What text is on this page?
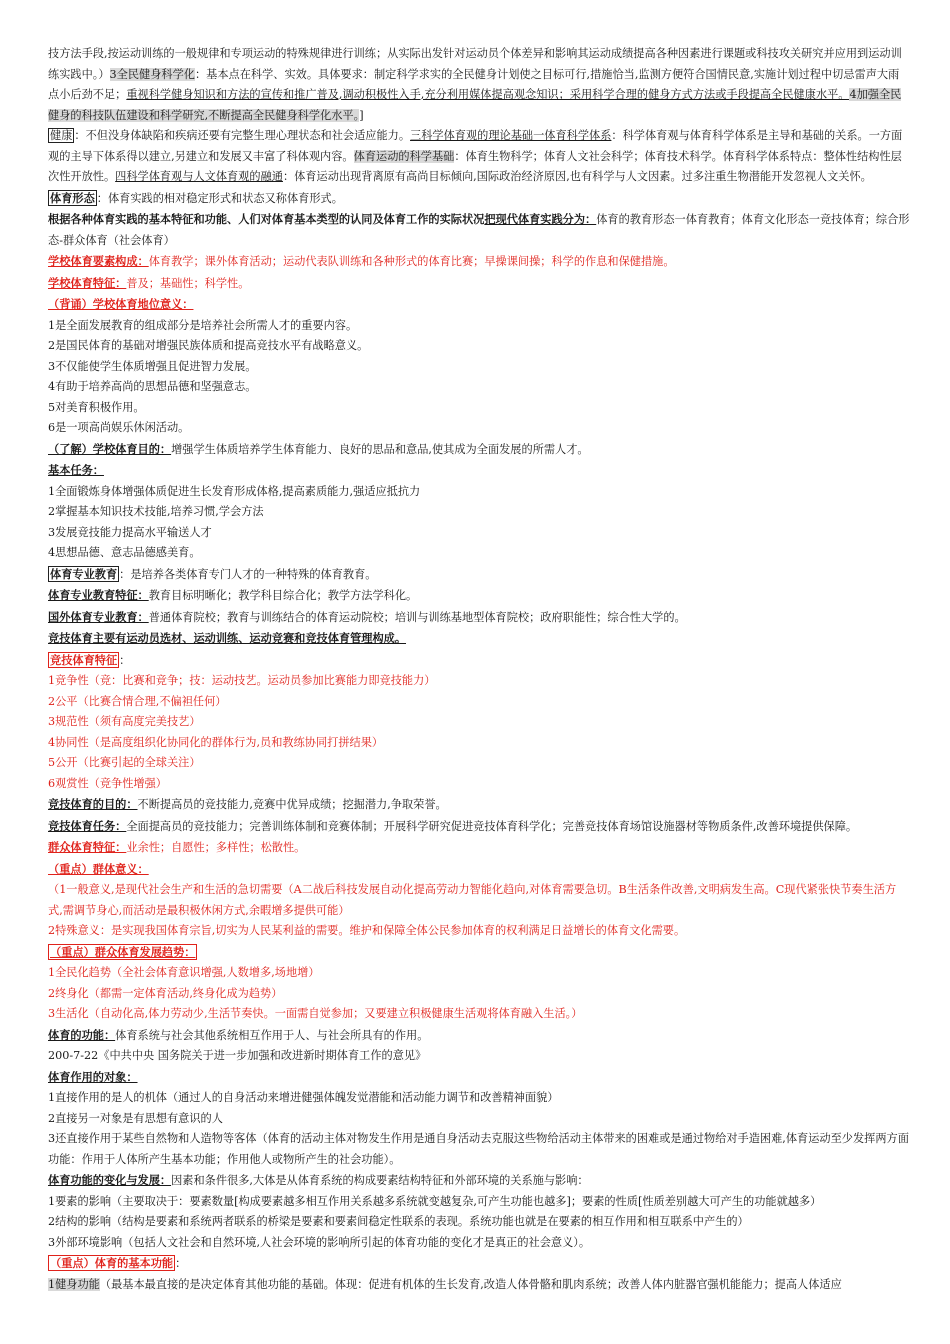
技方法手段,按运动训练的一般规律和专项运动的特殊规律进行训练；从实际出发针对运动员个体差异和影响其运动成绩提高各种因素进行课题或科技攻关研究并应用到运动训练实践中。）3全民健身科学化：基本点在科学、实效。具体要求：制定科学求实的全民健身计划使之目标可行,措施恰当,监测方便符合国情民意,实施计划过程中切忌雷声大雨点小后劲不足；重视科学健身知识和方法的宣传和推广普及,调动积极性入手,充分利用媒体提高观念知识；采用科学合理的健身方式方法或手段提高全民健康水平。4加强全民健身的科技队伍建设和科学研究,不断提高全民健身科学化水平。]

健康 ：不但没身体缺陷和疾病还要有完整生理心理状态和社会适应能力。三科学体育观的理论基础一体育科学体系：科学体育观与体育科学体系是主导和基础的关系。一方面观的主导下体系得以建立,另建立和发展又丰富了科体观内容。体育运动的科学基础：体育生物科学；体育人文社会科学；体育技术科学。体育科学体系特点：整体性结构性层次性开放性。四科学体育观与人文体育观的融通：体育运动出现背离原有高尚目标倾向,国际政治经济原因,也有科学与人文因素。过多注重生物潜能开发忽视人文关怀。

体育形态 ：体育实践的相对稳定形式和状态又称体育形式。

根据各种体育实践的基本特征和功能、人们对体育基本类型的认同及体育工作的实际状况把现代体育实践分为：体育的教育形态一体育教育；体育文化形态一竞技体育；综合形态-群众体育（社会体育）

学校体育要素构成：体育教学；课外体育活动；运动代表队训练和各种形式的体育比赛；早操课间操；科学的作息和保健措施。

学校体育特征：普及；基础性；科学性。

（背诵）学校体育地位意义：

1是全面发展教育的组成部分是培养社会所需人才的重要内容。

2是国民体育的基础对增强民族体质和提高竞技水平有战略意义。

3不仅能使学生体质增强且促进智力发展。

4有助于培养高尚的思想品德和坚强意志。

5对美育积极作用。

6是一项高尚娱乐休闲活动。

（了解）学校体育目的：增强学生体质培养学生体育能力、良好的思品和意品,使其成为全面发展的所需人才。

基本任务：

1全面锻炼身体增强体质促进生长发育形成体格,提高素质能力,强适应抵抗力

2掌握基本知识技术技能,培养习惯,学会方法

3发展竞技能力提高水平输送人才

4思想品德、意志品德感美育。

体育专业教育 ：是培养各类体育专门人才的一种特殊的体育教育。

体育专业教育特征：教育目标明晰化；教学科目综合化；教学方法学科化。

国外体育专业教育：普通体育院校；教育与训练结合的体育运动院校；培训与训练基地型体育院校；政府职能性；综合性大学的。

竞技体育主要有运动员选材、运动训练、运动竞赛和竞技体育管理构成。

竞技体育特征 ：

1竞争性（竞：比赛和竞争；技：运动技艺。运动员参加比赛能力即竞技能力）

2公平（比赛合情合理,不偏袒任何）

3规范性（须有高度完美技艺）

4协同性（是高度组织化协同化的群体行为,员和教练协同打拼结果）

5公开（比赛引起的全球关注）

6观赏性（竞争性增强）

竞技体育的目的：不断提高员的竞技能力,竞赛中优异成绩；挖掘潜力,争取荣誉。

竞技体育任务：全面提高员的竞技能力；完善训练体制和竞赛体制；开展科学研究促进竞技体育科学化；完善竞技体育场馆设施器材等物质条件,改善环境提供保障。

群众体育特征：业余性；自愿性；多样性；松散性。

（重点）群体意义：

（1一般意义,是现代社会生产和生活的急切需要（A二战后科技发展自动化提高劳动力智能化趋向,对体育需要急切。B生活条件改善,文明病发生高。C现代紧张快节奏生活方式,需调节身心,而活动是最积极休闲方式,余暇增多提供可能）

2特殊意义：是实现我国体育宗旨,切实为人民某利益的需要。维护和保障全体公民参加体育的权利满足日益增长的体育文化需要。

（重点）群众体育发展趋势：

1全民化趋势（全社会体育意识增强,人数增多,场地增）

2终身化（都需一定体育活动,终身化成为趋势）

3生活化（自动化高,体力劳动少,生活节奏快。一面需自觉参加；又要建立积极健康生活观将体育融入生活。）

体育的功能：体育系统与社会其他系统相互作用于人、与社会所具有的作用。

200-7-22《中共中央 国务院关于进一步加强和改进新时期体育工作的意见》

体育作用的对象：

1直接作用的是人的机体（通过人的自身活动来增进健强体魄发觉潜能和活动能力调节和改善精神面貌）

2直接另一对象是有思想有意识的人

3还直接作用于某些自然物和人造物等客体（体育的活动主体对物发生作用是通自身活动去克服这些物给活动主体带来的困难或是通过物给对手造困难,体育运动至少发挥两方面功能：作用于人体所产生基本功能；作用他人或物所产生的社会功能）。

体育功能的变化与发展：因素和条件很多,大体是从体育系统的构成要素结构特征和外部环境的关系施与影响：

1要素的影响（主要取决于：要素数量[构成要素越多相互作用关系越多系统就变越复杂,可产生功能也越多]；要素的性质[性质差别越大可产生的功能就越多）

2结构的影响（结构是要素和系统两者联系的桥梁是要素和要素间稳定性联系的表现。系统功能也就是在要素的相互作用和相互联系中产生的）

3外部环境影响（包括人文社会和自然环境,人社会环境的影响所引起的体育功能的变化才是真正的社会意义）。

（重点）体育的基本功能 ：

1健身功能（最基本最直接的是决定体育其他功能的基础。体现：促进有机体的生长发育,改造人体骨骼和肌肉系统；改善人体内脏器官强机能能力；提高人体适应
